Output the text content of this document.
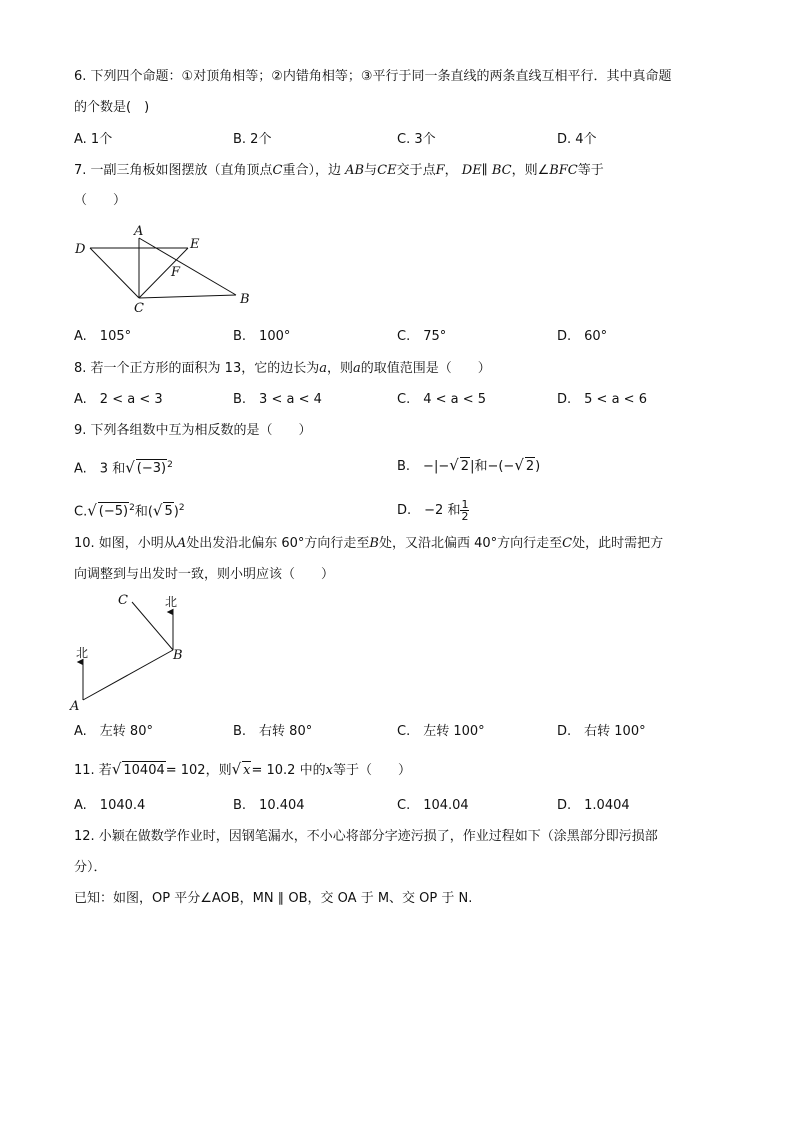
6. 下列四个命题：①对顶角相等；②内错角相等；③平行于同一条直线的两条直线互相平行．其中真命题
的个数是(　)
A. 1个	B. 2个	C. 3个	D. 4个
7. 一副三角板如图摆放（直角顶点C重合），边 AB与CE交于点F， DE∥ BC，则∠BFC等于
（　　）
A
D	E
F
C
B
A.　105°	B.　100°	C.　75°	D.　60°
8. 若一个正方形的面积为 13，它的边长为a，则a的取值范围是（　　）
A.　2 < a < 3	B.　3 < a < 4	C.　4 < a < 5	D.　5 < a < 6
9. 下列各组数中互为相反数的是（　　）
A.　3 和√ $(-3)^2$	B.　−|−√ 2|和−(−√ 2)
C.√ $(-5)^2$和(√ 5)$^2$	D.　−2 和 $\frac{1}{2}$
10. 如图，小明从A处出发沿北偏东 60°方向行走至B处，又沿北偏西 40°方向行走至C处，此时需把方
向调整到与出发时一致，则小明应该（　　）
C	北
北	B
A
A.　左转 80°	B.　右转 80°	C.　左转 100°	D.　右转 100°
11. 若√ 10404= 102，则√ x= 10.2 中的x等于（　　）
A.　1040.4	B.　10.404	C.　104.04	D.　1.0404
12. 小颖在做数学作业时，因钢笔漏水，不小心将部分字迹污损了，作业过程如下（涂黑部分即污损部
分）．
已知：如图，OP 平分∠AOB，MN ∥ OB，交 OA 于 M、交 OP 于 N.
